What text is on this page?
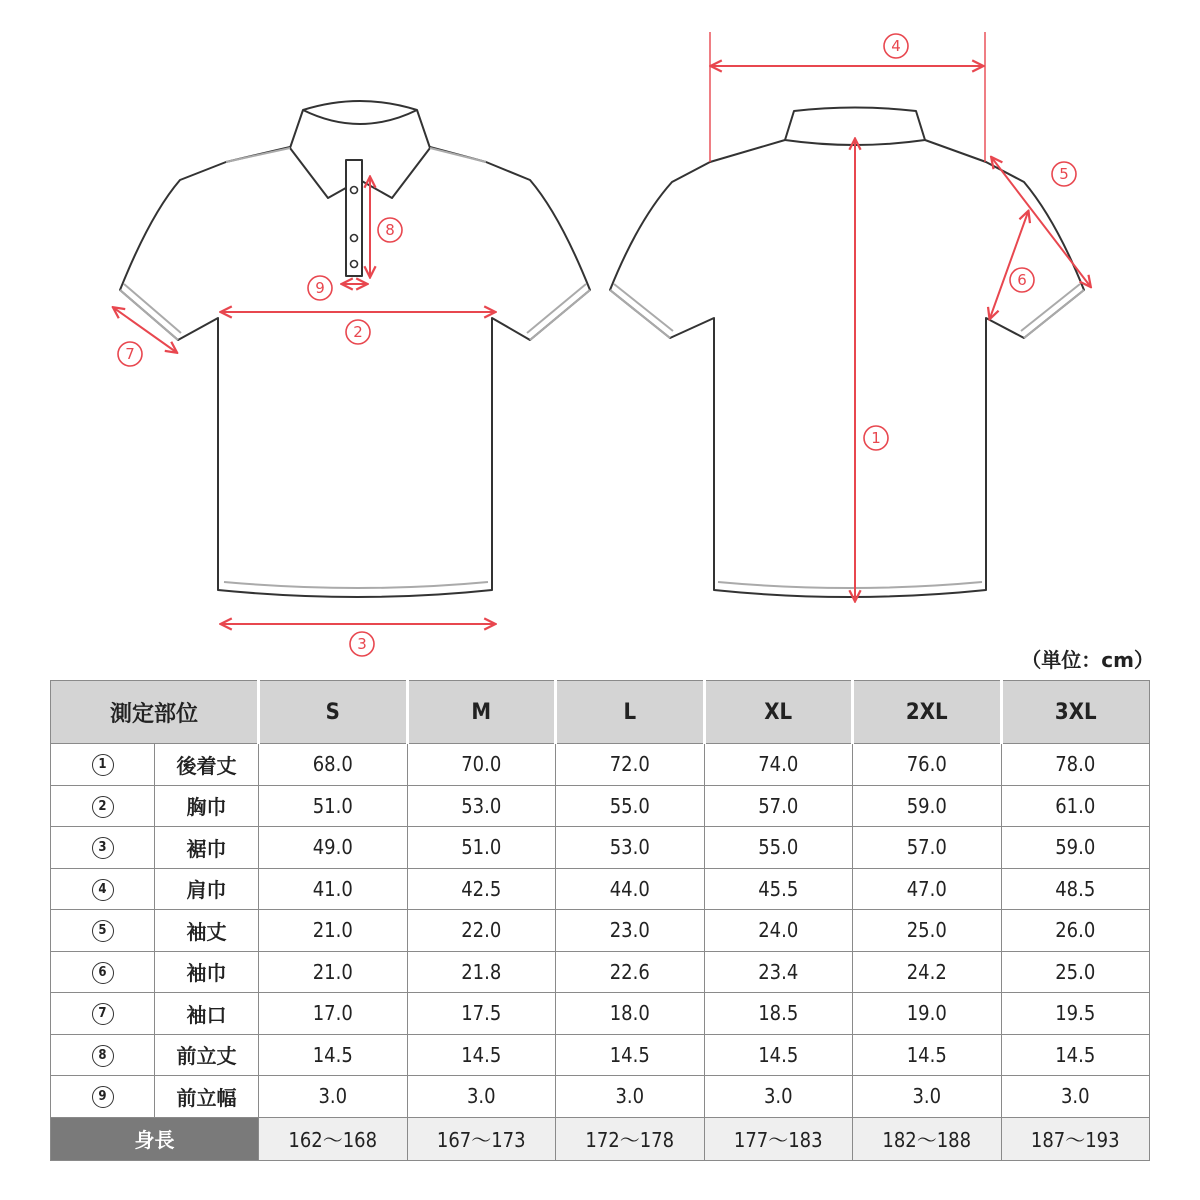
1
2
3
4
5
6
7
8
9
（単位：cm）
測定部位		S	M	L	XL	2XL	3XL
1	後着丈	68.0	70.0	72.0	74.0	76.0	78.0
2	胸巾	51.0	53.0	55.0	57.0	59.0	61.0
3	裾巾	49.0	51.0	53.0	55.0	57.0	59.0
4	肩巾	41.0	42.5	44.0	45.5	47.0	48.5
5	袖丈	21.0	22.0	23.0	24.0	25.0	26.0
6	袖巾	21.0	21.8	22.6	23.4	24.2	25.0
7	袖口	17.0	17.5	18.0	18.5	19.0	19.5
8	前立丈	14.5	14.5	14.5	14.5	14.5	14.5
9	前立幅	3.0	3.0	3.0	3.0	3.0	3.0
身長		162〜168	167〜173	172〜178	177〜183	182〜188	187〜193
